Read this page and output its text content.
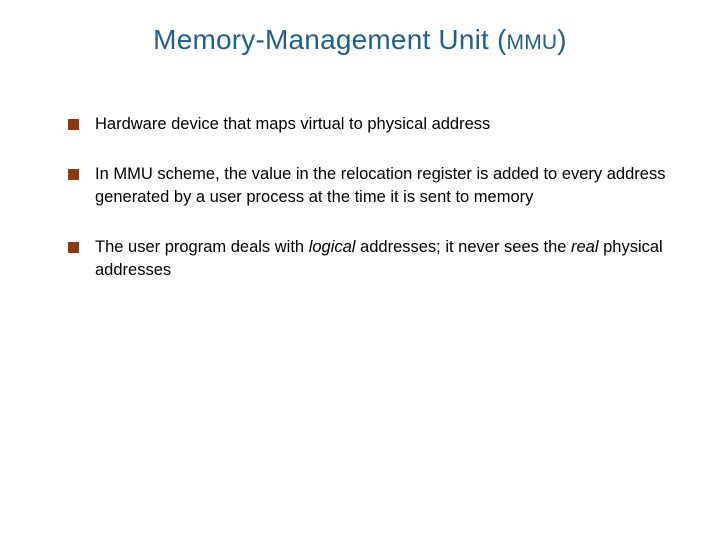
Memory-Management Unit (MMU)
Hardware device that maps virtual to physical address
In MMU scheme, the value in the relocation register is added to every address generated by a user process at the time it is sent to memory
The user program deals with logical addresses; it never sees the real physical addresses
